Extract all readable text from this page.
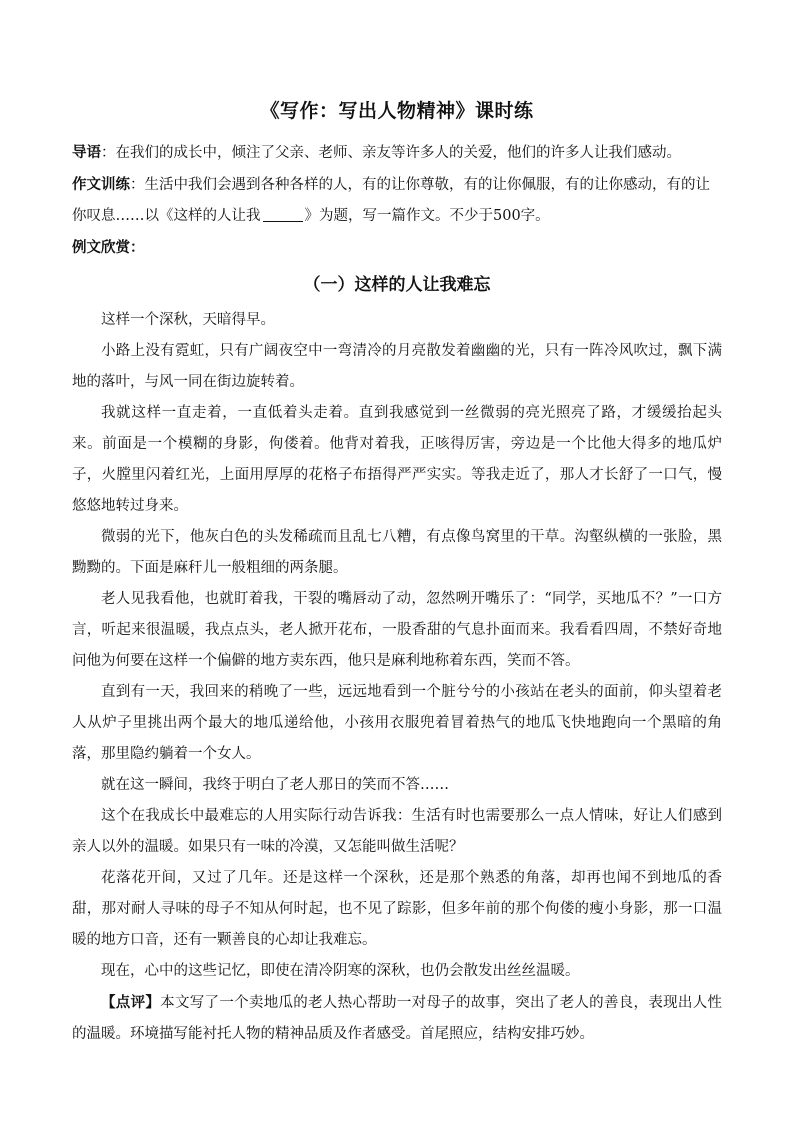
《写作：写出人物精神》课时练

导语：在我们的成长中，倾注了父亲、老师、亲友等许多人的关爱，他们的许多人让我们感动。

作文训练：生活中我们会遇到各种各样的人，有的让你尊敬，有的让你佩服，有的让你感动，有的让你叹息……以《这样的人让我	》为题，写一篇作文。不少于500字。

例文欣赏：

（一）这样的人让我难忘

这样一个深秋，天暗得早。

小路上没有霓虹，只有广阔夜空中一弯清冷的月亮散发着幽幽的光，只有一阵冷风吹过，飘下满地的落叶，与风一同在街边旋转着。

我就这样一直走着，一直低着头走着。直到我感觉到一丝微弱的亮光照亮了路，才缓缓抬起头来。前面是一个模糊的身影，佝偻着。他背对着我，正咳得厉害，旁边是一个比他大得多的地瓜炉子，火膛里闪着红光，上面用厚厚的花格子布捂得严严实实。等我走近了，那人才长舒了一口气，慢悠悠地转过身来。

微弱的光下，他灰白色的头发稀疏而且乱七八糟，有点像鸟窝里的干草。沟壑纵横的一张脸，黑黝黝的。下面是麻秆儿一般粗细的两条腿。

老人见我看他，也就盯着我，干裂的嘴唇动了动，忽然咧开嘴乐了：“同学，买地瓜不？”一口方言，听起来很温暖，我点点头，老人掀开花布，一股香甜的气息扑面而来。我看看四周，不禁好奇地问他为何要在这样一个偏僻的地方卖东西，他只是麻利地称着东西，笑而不答。

直到有一天，我回来的稍晚了一些，远远地看到一个脏兮兮的小孩站在老头的面前，仰头望着老人从炉子里挑出两个最大的地瓜递给他，小孩用衣服兜着冒着热气的地瓜飞快地跑向一个黑暗的角落，那里隐约躺着一个女人。

就在这一瞬间，我终于明白了老人那日的笑而不答……

这个在我成长中最难忘的人用实际行动告诉我：生活有时也需要那么一点人情味，好让人们感到亲人以外的温暖。如果只有一味的冷漠，又怎能叫做生活呢？

花落花开间，又过了几年。还是这样一个深秋，还是那个熟悉的角落，却再也闻不到地瓜的香甜，那对耐人寻味的母子不知从何时起，也不见了踪影，但多年前的那个佝偻的瘦小身影，那一口温暖的地方口音，还有一颗善良的心却让我难忘。

现在，心中的这些记忆，即使在清冷阴寒的深秋，也仍会散发出丝丝温暖。

【点评】本文写了一个卖地瓜的老人热心帮助一对母子的故事，突出了老人的善良，表现出人性的温暖。环境描写能衬托人物的精神品质及作者感受。首尾照应，结构安排巧妙。
